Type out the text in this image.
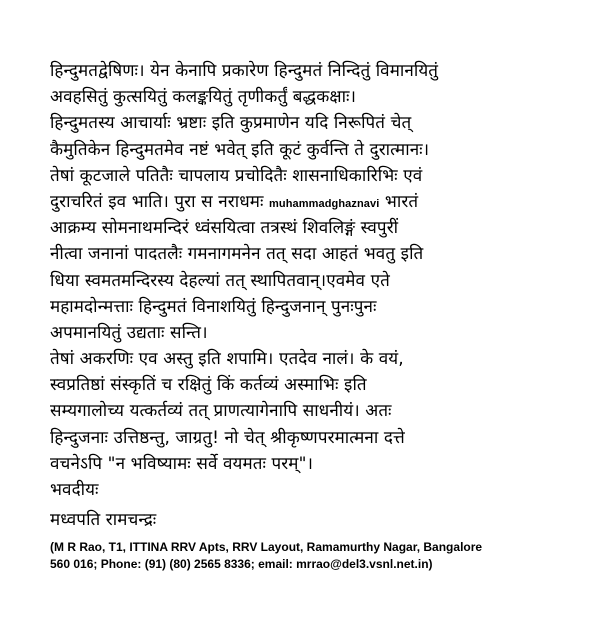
हिन्दुमतद्वेषिणः। येन केनापि प्रकारेण हिन्दुमतं निन्दितुं विमानयितुं
अवहसितुं कुत्सयितुं कलङ्कयितुं तृणीकर्तुं बद्धकक्षाः।
हिन्दुमतस्य आचार्याः भ्रष्टाः इति कुप्रमाणेन यदि निरूपितं चेत्
कैमुतिकेन हिन्दुमतमेव नष्टं भवेत् इति कूटं कुर्वन्ति ते दुरात्मानः।
तेषां कूटजाले पतितैः चापलाय प्रचोदितैः शासनाधिकारिभिः एवं
दुराचरितं इव भाति। पुरा स नराधमः muhammadghaznavi भारतं
आक्रम्य सोमनाथमन्दिरं ध्वंसयित्वा तत्रस्थं शिवलिङ्गं स्वपुरीं
नीत्वा जनानां पादतलैः गमनागमनेन तत् सदा आहतं भवतु इति
धिया स्वमतमन्दिरस्य देहल्यां तत् स्थापितवान्।एवमेव एते
महामदोन्मत्ताः हिन्दुमतं विनाशयितुं हिन्दुजनान् पुनःपुनः
अपमानयितुं उद्यताः सन्ति।
तेषां अकरणिः एव अस्तु इति शपामि। एतदेव नालं। के वयं,
स्वप्रतिष्ठां संस्कृतिं च रक्षितुं किं कर्तव्यं अस्माभिः इति
सम्यगालोच्य यत्कर्तव्यं तत् प्राणत्यागेनापि साधनीयं। अतः
हिन्दुजनाः उत्तिष्ठन्तु, जाग्रतु! नो चेत् श्रीकृष्णपरमात्मना दत्ते
वचनेऽपि "न भविष्यामः सर्वे वयमतः परम्"।
भवदीयः
मध्वपति रामचन्द्रः
(M R Rao, T1, ITTINA RRV Apts, RRV Layout, Ramamurthy Nagar, Bangalore
560 016; Phone: (91) (80) 2565 8336; email: mrrao@del3.vsnl.net.in)
